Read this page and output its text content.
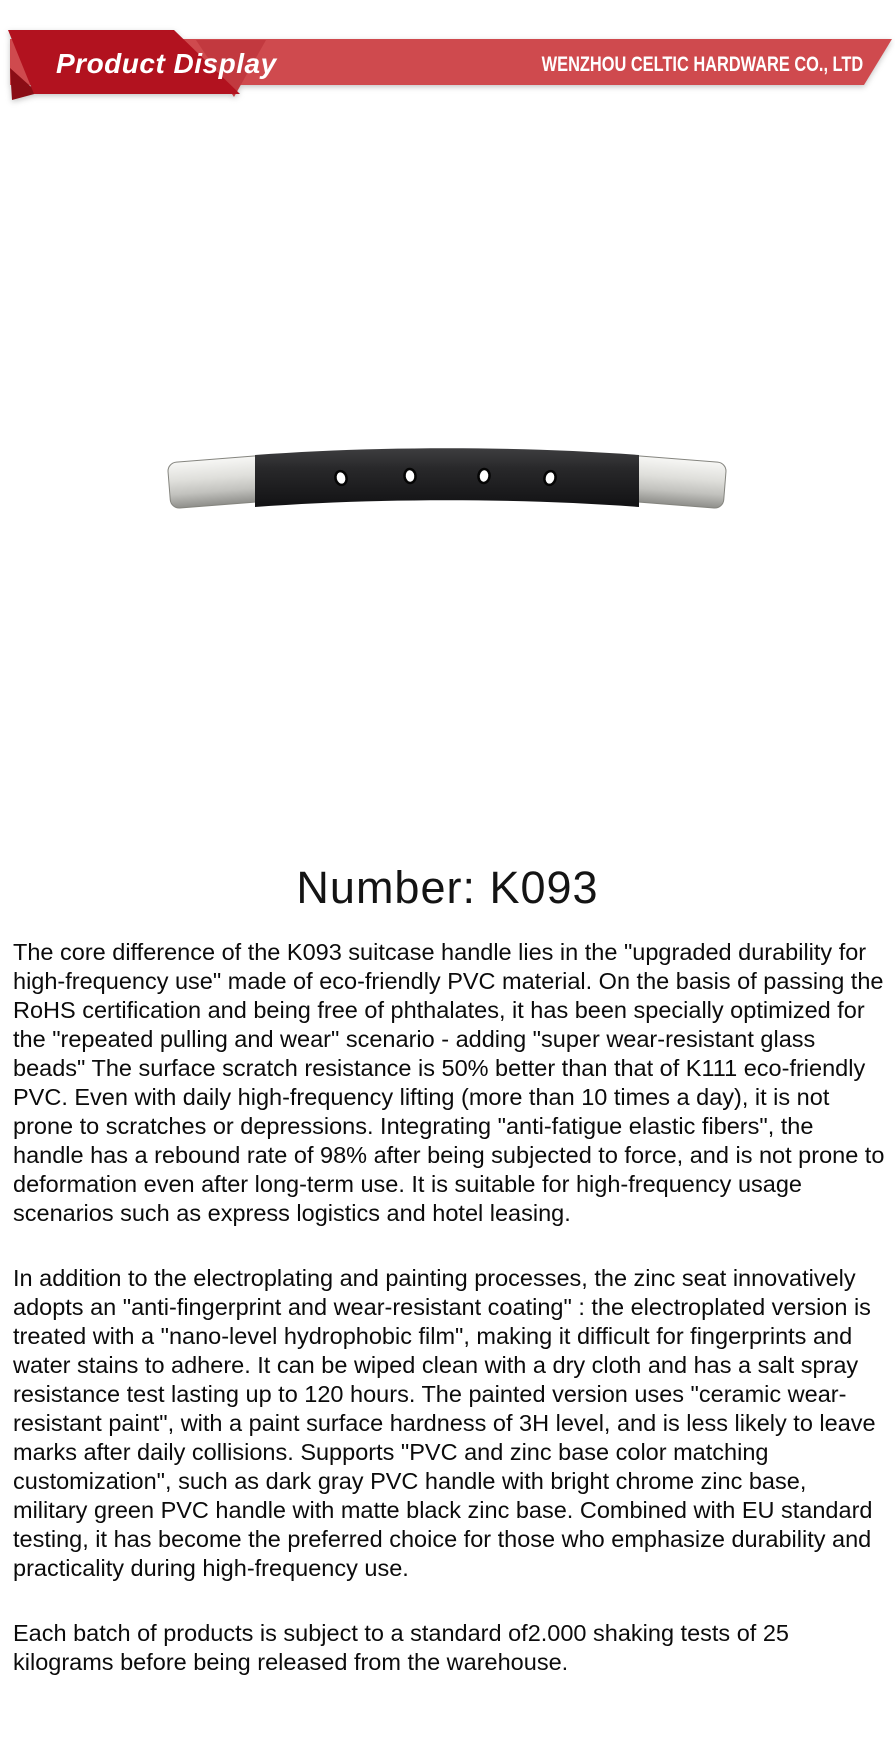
Product Display	WENZHOU CELTIC HARDWARE CO., LTD
Number: K093

The core difference of the K093 suitcase handle lies in the "upgraded durability for high-frequency use" made of eco-friendly PVC material. On the basis of passing the RoHS certification and being free of phthalates, it has been specially optimized for the "repeated pulling and wear" scenario - adding "super wear-resistant glass beads" The surface scratch resistance is 50% better than that of K111 eco-friendly PVC. Even with daily high-frequency lifting (more than 10 times a day), it is not prone to scratches or depressions. Integrating "anti-fatigue elastic fibers", the handle has a rebound rate of 98% after being subjected to force, and is not prone to deformation even after long-term use. It is suitable for high-frequency usage scenarios such as express logistics and hotel leasing.

In addition to the electroplating and painting processes, the zinc seat innovatively adopts an "anti-fingerprint and wear-resistant coating" : the electroplated version is treated with a "nano-level hydrophobic film", making it difficult for fingerprints and water stains to adhere. It can be wiped clean with a dry cloth and has a salt spray resistance test lasting up to 120 hours. The painted version uses "ceramic wear-resistant paint", with a paint surface hardness of 3H level, and is less likely to leave marks after daily collisions. Supports "PVC and zinc base color matching customization", such as dark gray PVC handle with bright chrome zinc base, military green PVC handle with matte black zinc base. Combined with EU standard testing, it has become the preferred choice for those who emphasize durability and practicality during high-frequency use.

Each batch of products is subject to a standard of2.000 shaking tests of 25 kilograms before being released from the warehouse.
